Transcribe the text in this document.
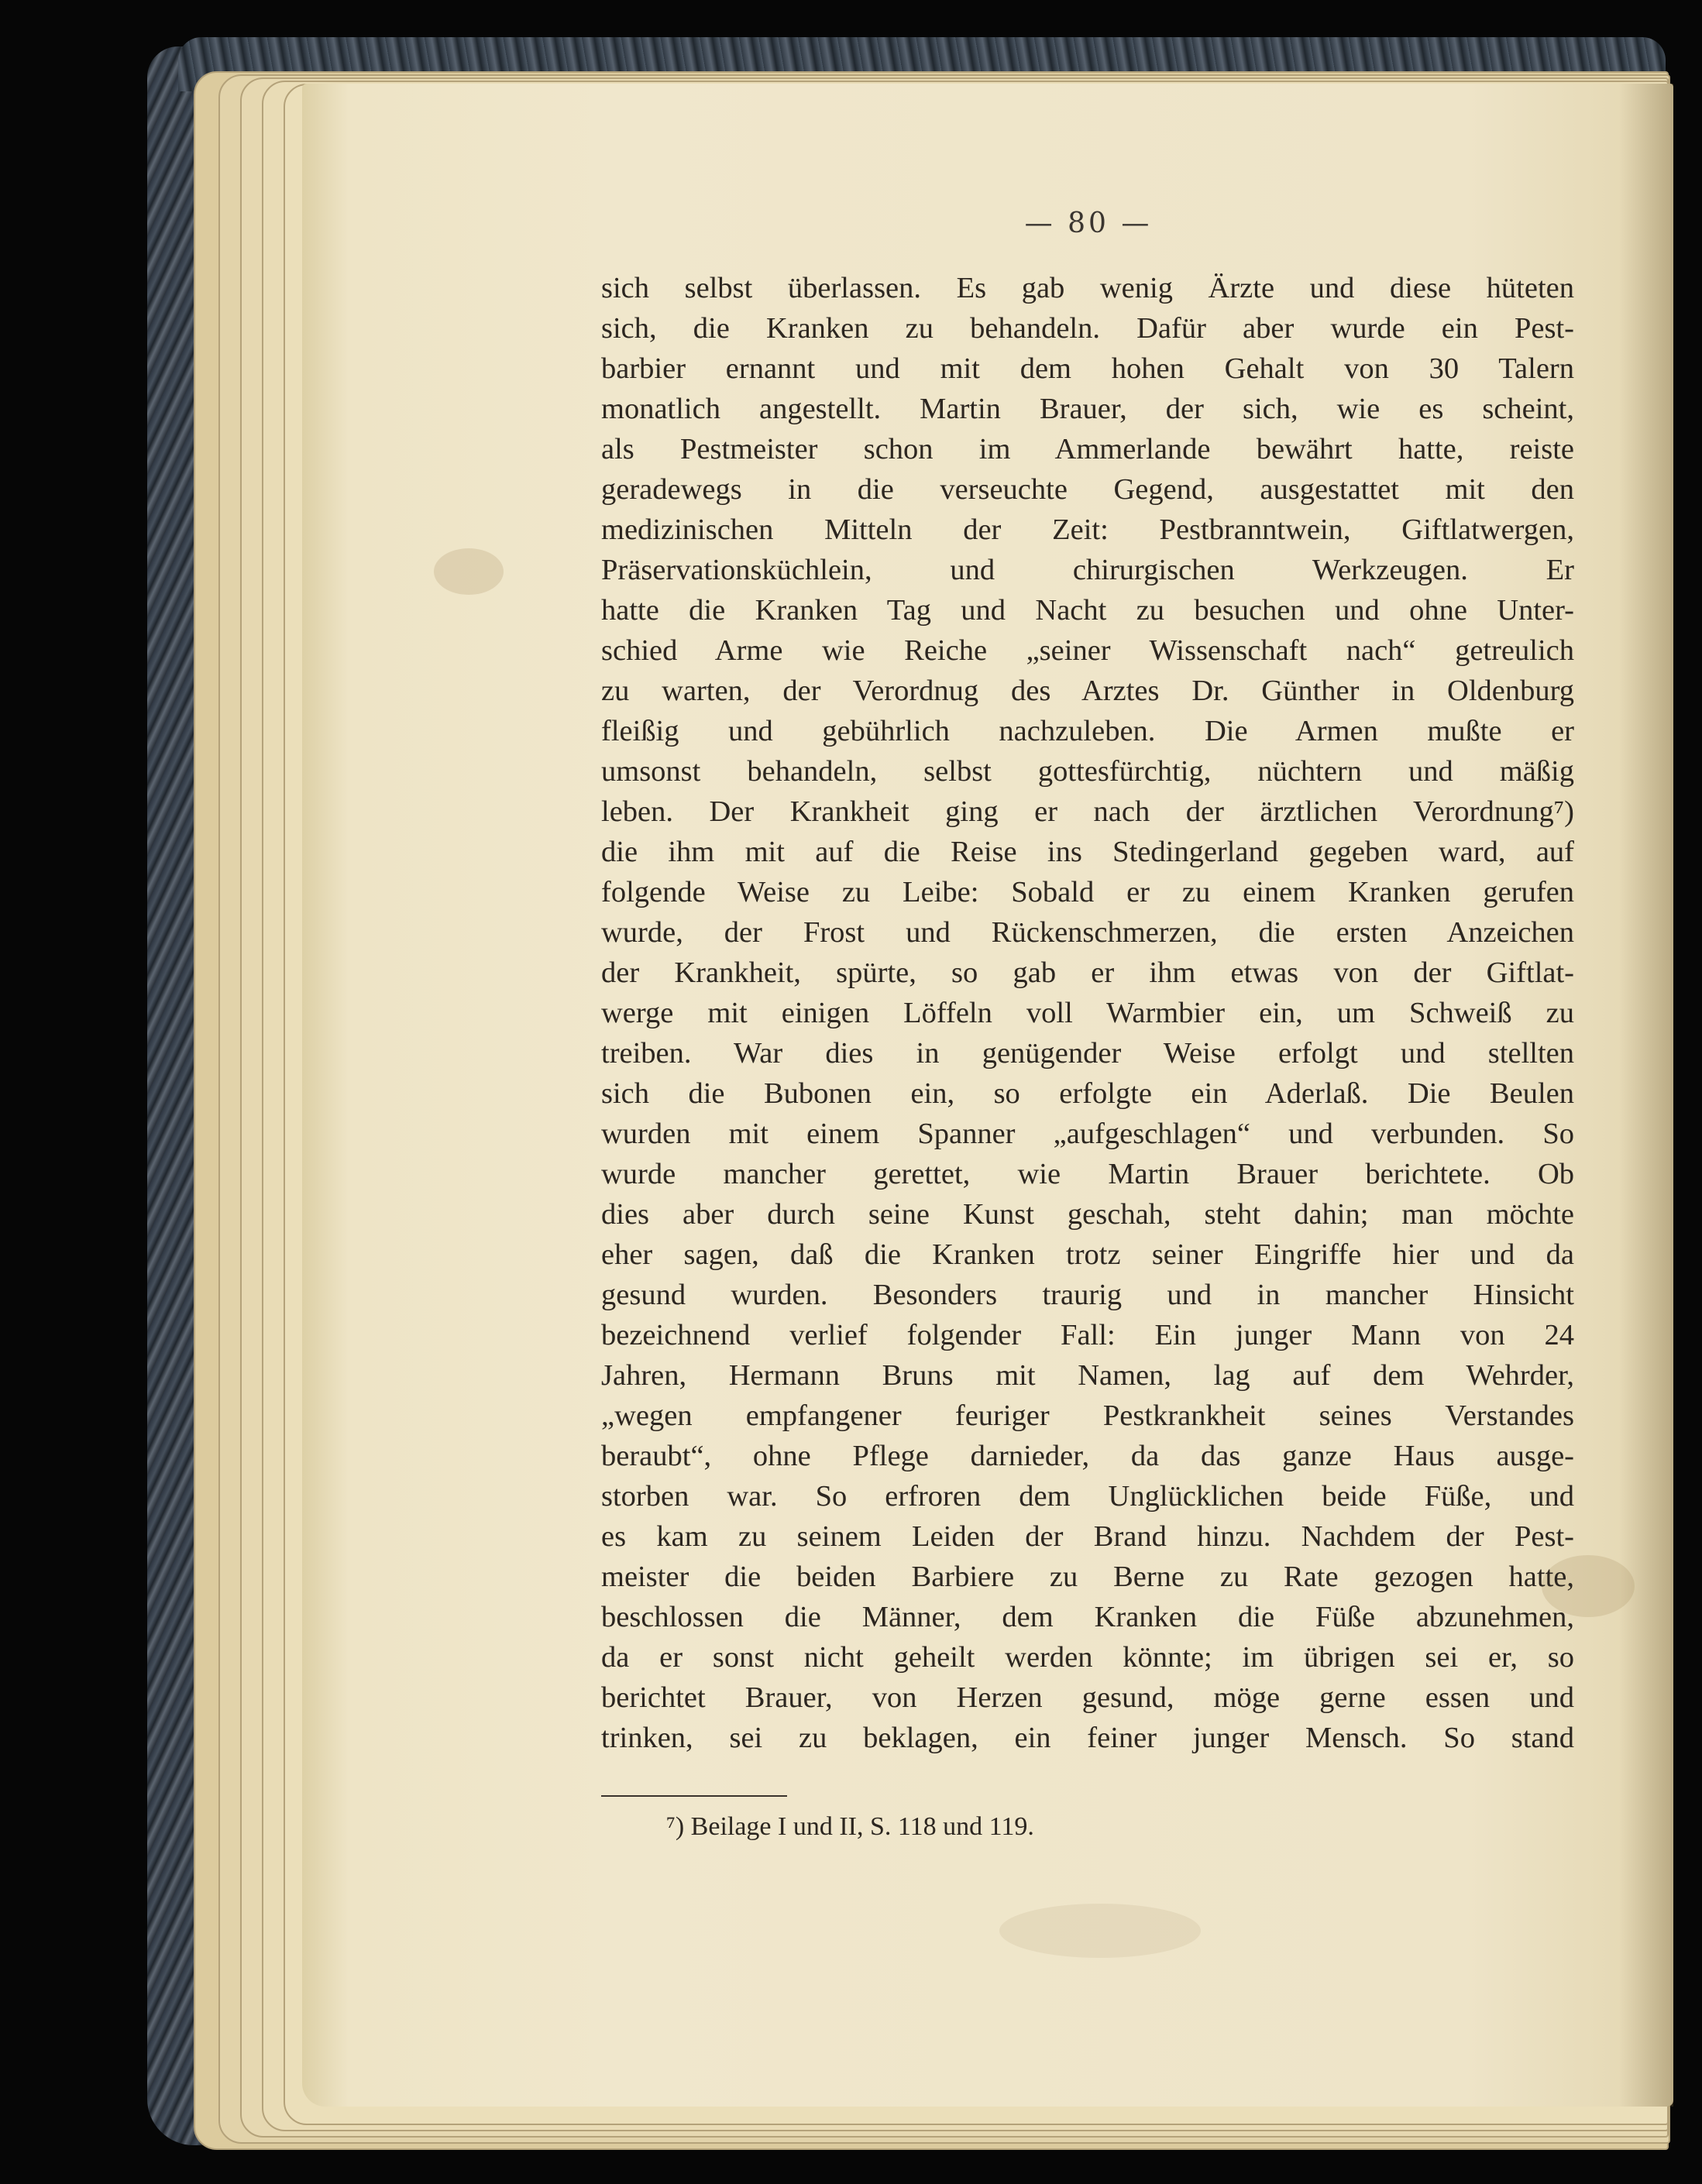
— 80 —
sich selbst überlassen. Es gab wenig Ärzte und diese hüteten
sich, die Kranken zu behandeln. Dafür aber wurde ein Pest-
barbier ernannt und mit dem hohen Gehalt von 30 Talern
monatlich angestellt. Martin Brauer, der sich, wie es scheint,
als Pestmeister schon im Ammerlande bewährt hatte, reiste
geradewegs in die verseuchte Gegend, ausgestattet mit den
medizinischen Mitteln der Zeit: Pestbranntwein, Giftlatwergen,
Präservationsküchlein, und chirurgischen Werkzeugen. Er
hatte die Kranken Tag und Nacht zu besuchen und ohne Unter-
schied Arme wie Reiche „seiner Wissenschaft nach“ getreulich
zu warten, der Verordnug des Arztes Dr. Günther in Oldenburg
fleißig und gebührlich nachzuleben. Die Armen mußte er
umsonst behandeln, selbst gottesfürchtig, nüchtern und mäßig
leben. Der Krankheit ging er nach der ärztlichen Verordnung⁷)
die ihm mit auf die Reise ins Stedingerland gegeben ward, auf
folgende Weise zu Leibe: Sobald er zu einem Kranken gerufen
wurde, der Frost und Rückenschmerzen, die ersten Anzeichen
der Krankheit, spürte, so gab er ihm etwas von der Giftlat-
werge mit einigen Löffeln voll Warmbier ein, um Schweiß zu
treiben. War dies in genügender Weise erfolgt und stellten
sich die Bubonen ein, so erfolgte ein Aderlaß. Die Beulen
wurden mit einem Spanner „aufgeschlagen“ und verbunden. So
wurde mancher gerettet, wie Martin Brauer berichtete. Ob
dies aber durch seine Kunst geschah, steht dahin; man möchte
eher sagen, daß die Kranken trotz seiner Eingriffe hier und da
gesund wurden. Besonders traurig und in mancher Hinsicht
bezeichnend verlief folgender Fall: Ein junger Mann von 24
Jahren, Hermann Bruns mit Namen, lag auf dem Wehrder,
„wegen empfangener feuriger Pestkrankheit seines Verstandes
beraubt“, ohne Pflege darnieder, da das ganze Haus ausge-
storben war. So erfroren dem Unglücklichen beide Füße, und
es kam zu seinem Leiden der Brand hinzu. Nachdem der Pest-
meister die beiden Barbiere zu Berne zu Rate gezogen hatte,
beschlossen die Männer, dem Kranken die Füße abzunehmen,
da er sonst nicht geheilt werden könnte; im übrigen sei er, so
berichtet Brauer, von Herzen gesund, möge gerne essen und
trinken, sei zu beklagen, ein feiner junger Mensch. So stand
⁷) Beilage I und II, S. 118 und 119.
